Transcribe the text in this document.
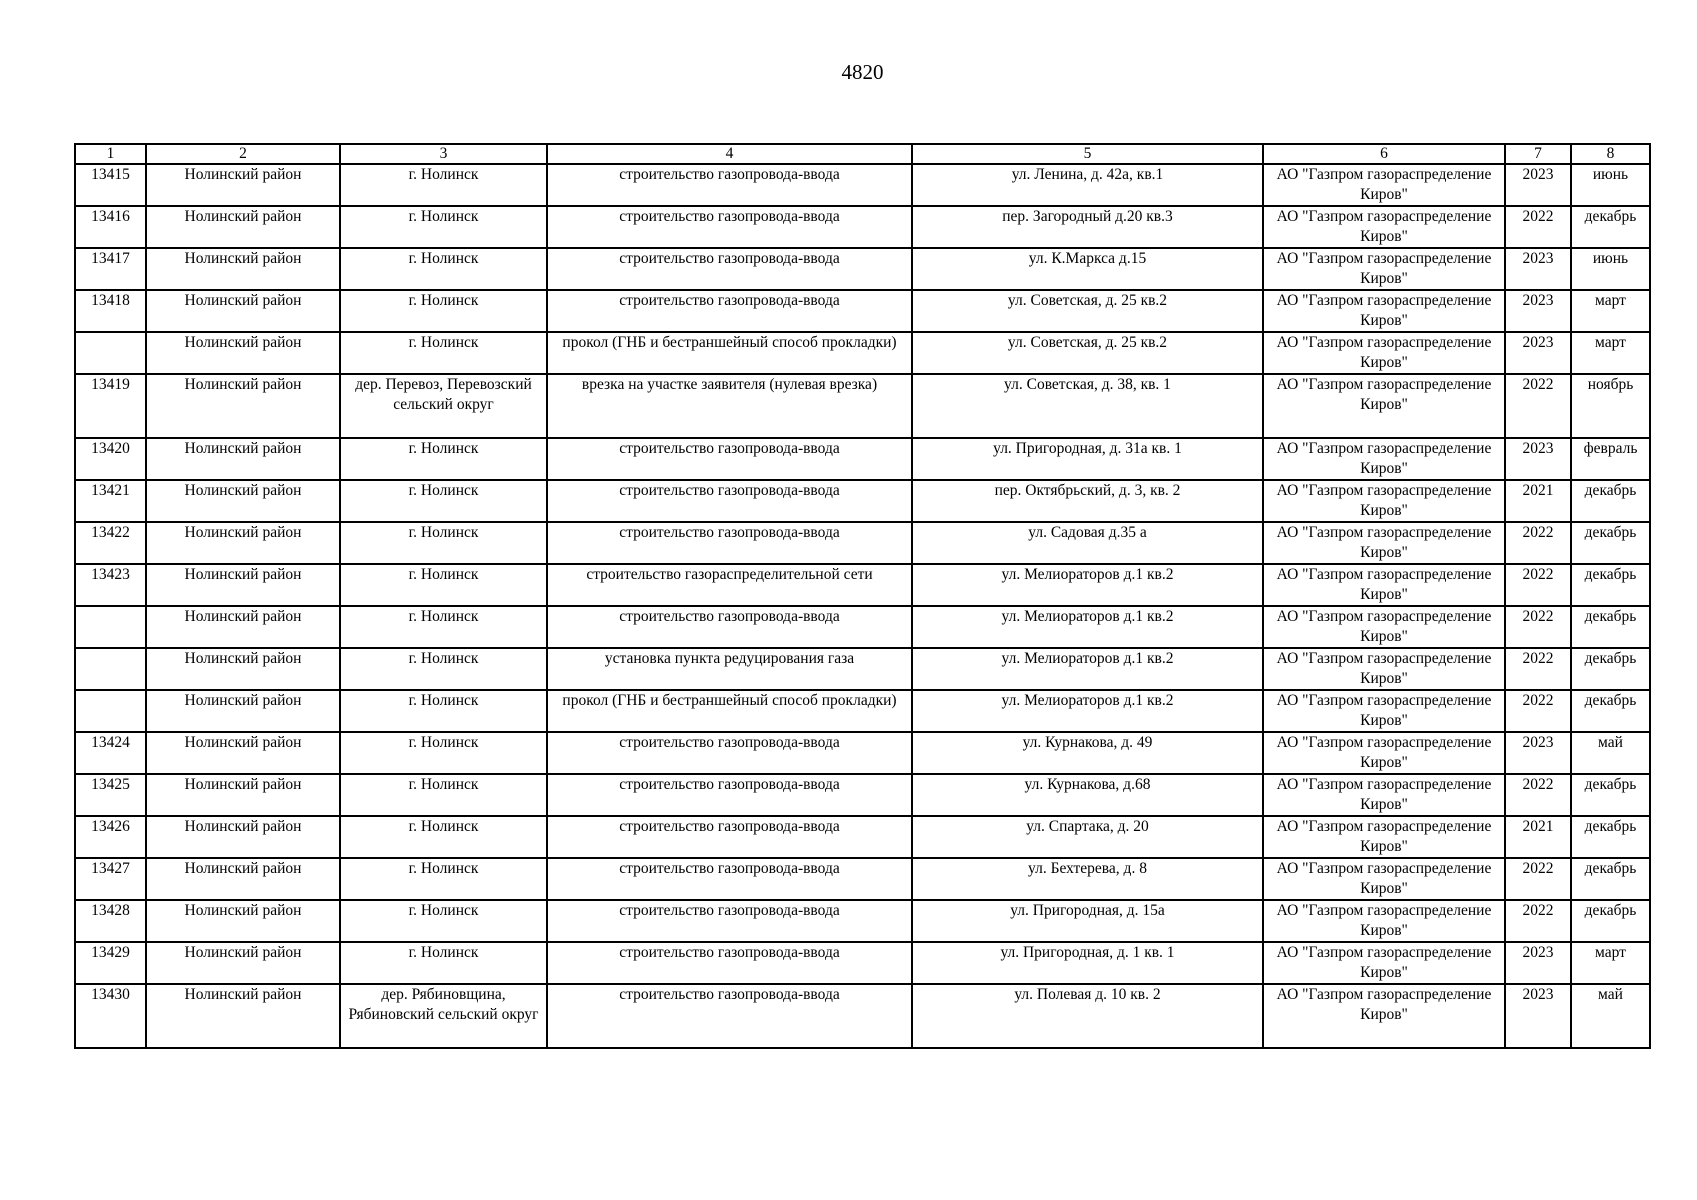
4820
1	2	3	4	5	6	7	8
13415	Нолинский район	г. Нолинск	строительство газопровода-ввода	ул. Ленина, д. 42а, кв.1	АО "Газпром газораспределение Киров"	2023	июнь
13416	Нолинский район	г. Нолинск	строительство газопровода-ввода	пер. Загородный д.20 кв.3	АО "Газпром газораспределение Киров"	2022	декабрь
13417	Нолинский район	г. Нолинск	строительство газопровода-ввода	ул. К.Маркса д.15	АО "Газпром газораспределение Киров"	2023	июнь
13418	Нолинский район	г. Нолинск	строительство газопровода-ввода	ул. Советская, д. 25 кв.2	АО "Газпром газораспределение Киров"	2023	март
	Нолинский район	г. Нолинск	прокол (ГНБ и бестраншейный способ прокладки)	ул. Советская, д. 25 кв.2	АО "Газпром газораспределение Киров"	2023	март
13419	Нолинский район	дер. Перевоз, Перевозский сельский округ	врезка на участке заявителя (нулевая врезка)	ул. Советская, д. 38, кв. 1	АО "Газпром газораспределение Киров"	2022	ноябрь
13420	Нолинский район	г. Нолинск	строительство газопровода-ввода	ул. Пригородная, д. 31а кв. 1	АО "Газпром газораспределение Киров"	2023	февраль
13421	Нолинский район	г. Нолинск	строительство газопровода-ввода	пер. Октябрьский, д. 3, кв. 2	АО "Газпром газораспределение Киров"	2021	декабрь
13422	Нолинский район	г. Нолинск	строительство газопровода-ввода	ул. Садовая д.35 а	АО "Газпром газораспределение Киров"	2022	декабрь
13423	Нолинский район	г. Нолинск	строительство газораспределительной сети	ул. Мелиораторов д.1 кв.2	АО "Газпром газораспределение Киров"	2022	декабрь
	Нолинский район	г. Нолинск	строительство газопровода-ввода	ул. Мелиораторов д.1 кв.2	АО "Газпром газораспределение Киров"	2022	декабрь
	Нолинский район	г. Нолинск	установка пункта редуцирования газа	ул. Мелиораторов д.1 кв.2	АО "Газпром газораспределение Киров"	2022	декабрь
	Нолинский район	г. Нолинск	прокол (ГНБ и бестраншейный способ прокладки)	ул. Мелиораторов д.1 кв.2	АО "Газпром газораспределение Киров"	2022	декабрь
13424	Нолинский район	г. Нолинск	строительство газопровода-ввода	ул. Курнакова, д. 49	АО "Газпром газораспределение Киров"	2023	май
13425	Нолинский район	г. Нолинск	строительство газопровода-ввода	ул. Курнакова, д.68	АО "Газпром газораспределение Киров"	2022	декабрь
13426	Нолинский район	г. Нолинск	строительство газопровода-ввода	ул. Спартака, д. 20	АО "Газпром газораспределение Киров"	2021	декабрь
13427	Нолинский район	г. Нолинск	строительство газопровода-ввода	ул. Бехтерева, д. 8	АО "Газпром газораспределение Киров"	2022	декабрь
13428	Нолинский район	г. Нолинск	строительство газопровода-ввода	ул. Пригородная, д. 15а	АО "Газпром газораспределение Киров"	2022	декабрь
13429	Нолинский район	г. Нолинск	строительство газопровода-ввода	ул. Пригородная, д. 1 кв. 1	АО "Газпром газораспределение Киров"	2023	март
13430	Нолинский район	дер. Рябиновщина, Рябиновский сельский округ	строительство газопровода-ввода	ул. Полевая д. 10 кв. 2	АО "Газпром газораспределение Киров"	2023	май
